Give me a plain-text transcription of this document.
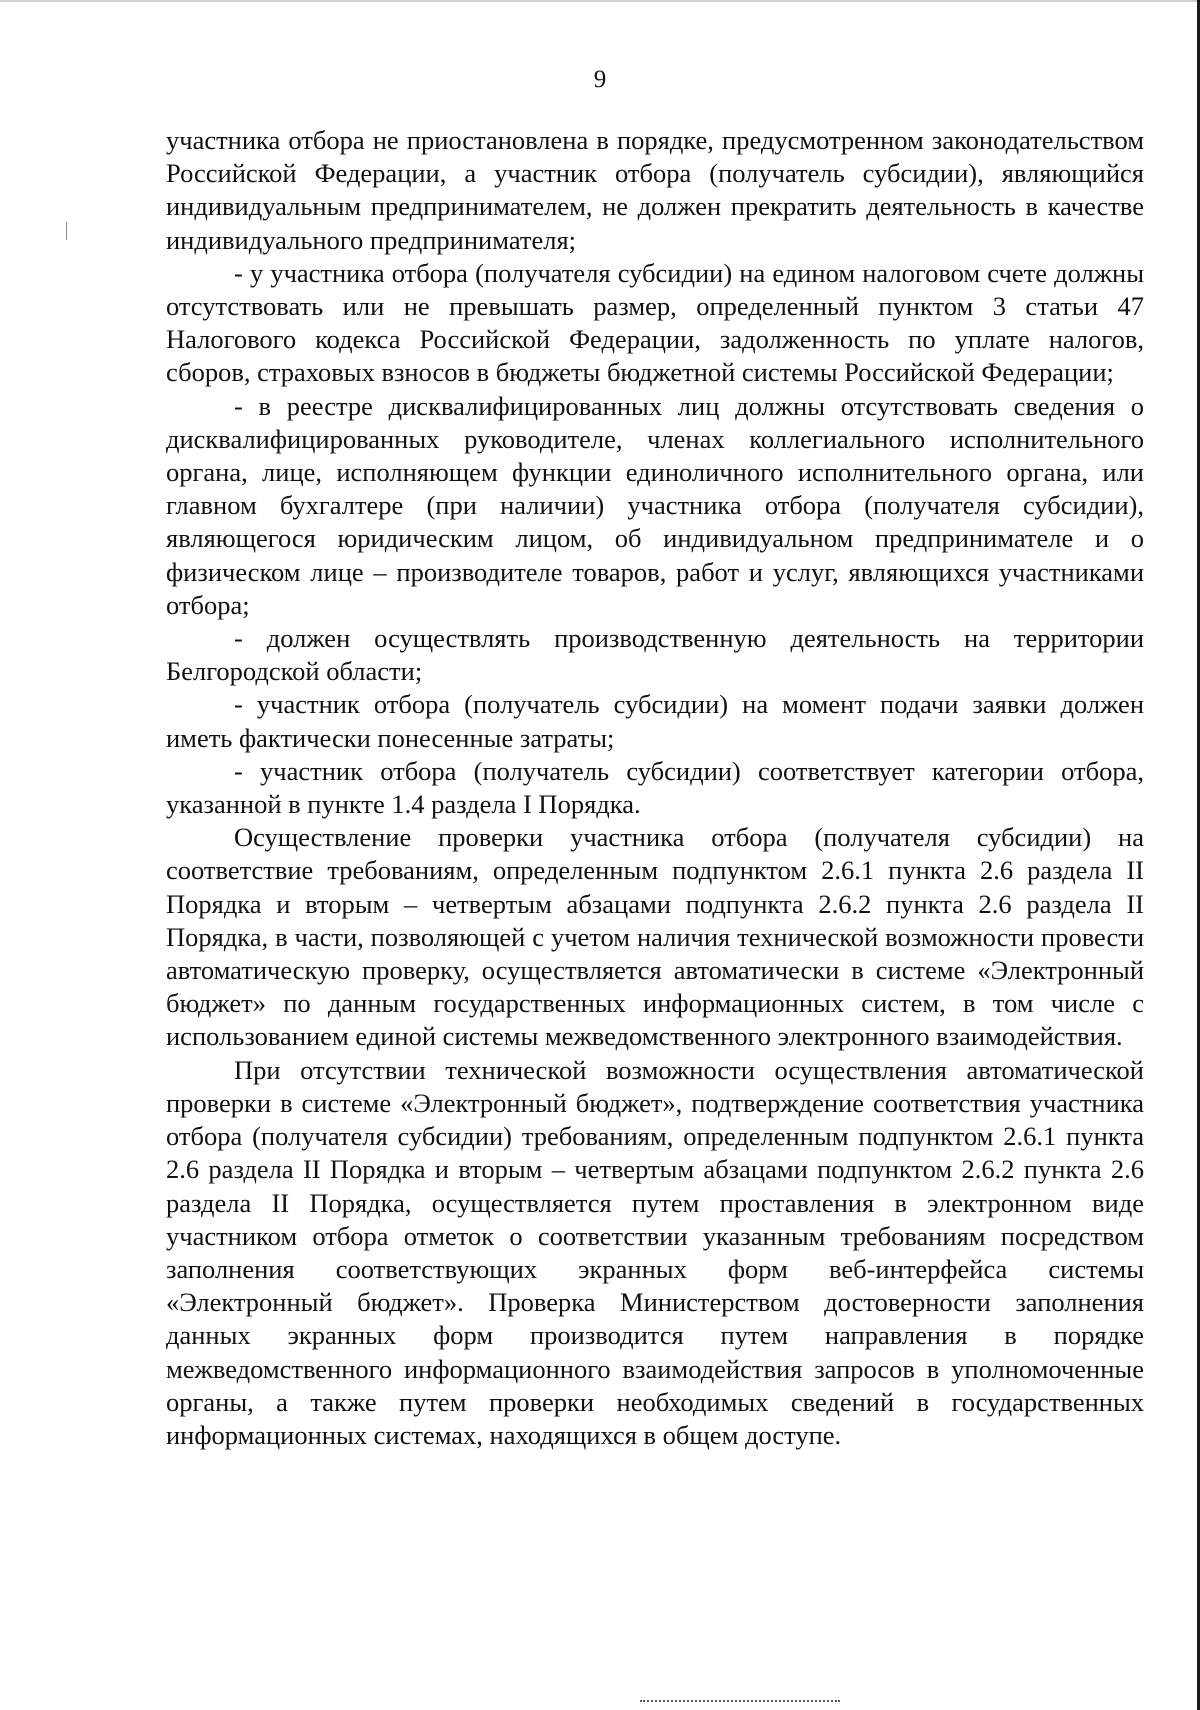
9

участника отбора не приостановлена в порядке, предусмотренном законодательством Российской Федерации, а участник отбора (получатель субсидии), являющийся индивидуальным предпринимателем, не должен прекратить деятельность в качестве индивидуального предпринимателя;

- у участника отбора (получателя субсидии) на едином налоговом счете должны отсутствовать или не превышать размер, определенный пунктом 3 статьи 47 Налогового кодекса Российской Федерации, задолженность по уплате налогов, сборов, страховых взносов в бюджеты бюджетной системы Российской Федерации;

- в реестре дисквалифицированных лиц должны отсутствовать сведения о дисквалифицированных руководителе, членах коллегиального исполнительного органа, лице, исполняющем функции единоличного исполнительного органа, или главном бухгалтере (при наличии) участника отбора (получателя субсидии), являющегося юридическим лицом, об индивидуальном предпринимателе и о физическом лице – производителе товаров, работ и услуг, являющихся участниками отбора;

- должен осуществлять производственную деятельность на территории Белгородской области;

- участник отбора (получатель субсидии) на момент подачи заявки должен иметь фактически понесенные затраты;

- участник отбора (получатель субсидии) соответствует категории отбора, указанной в пункте 1.4 раздела I Порядка.

Осуществление проверки участника отбора (получателя субсидии) на соответствие требованиям, определенным подпунктом 2.6.1 пункта 2.6 раздела II Порядка и вторым – четвертым абзацами подпункта 2.6.2 пункта 2.6 раздела II Порядка, в части, позволяющей с учетом наличия технической возможности провести автоматическую проверку, осуществляется автоматически в системе «Электронный бюджет» по данным государственных информационных систем, в том числе с использованием единой системы межведомственного электронного взаимодействия.

При отсутствии технической возможности осуществления автоматической проверки в системе «Электронный бюджет», подтверждение соответствия участника отбора (получателя субсидии) требованиям, определенным подпунктом 2.6.1 пункта 2.6 раздела II Порядка и вторым – четвертым абзацами подпунктом 2.6.2 пункта 2.6 раздела II Порядка, осуществляется путем проставления в электронном виде участником отбора отметок о соответствии указанным требованиям посредством заполнения соответствующих экранных форм веб-интерфейса системы «Электронный бюджет». Проверка Министерством достоверности заполнения данных экранных форм производится путем направления в порядке межведомственного информационного взаимодействия запросов в уполномоченные органы, а также путем проверки необходимых сведений в государственных информационных системах, находящихся в общем доступе.
